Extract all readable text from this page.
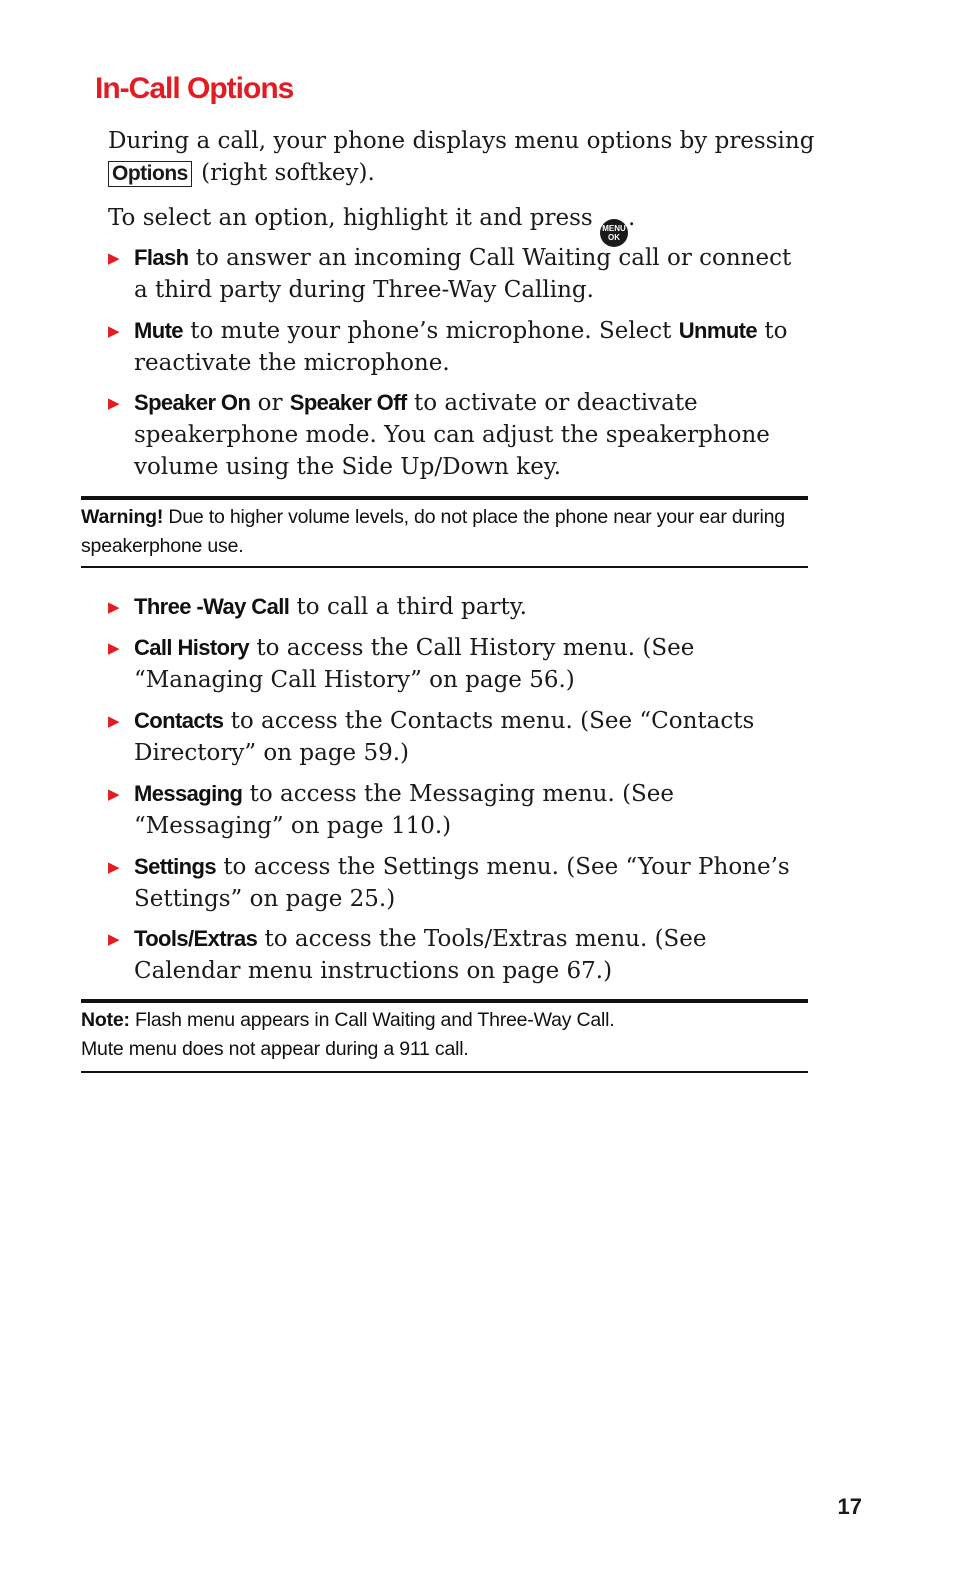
In-Call Options

During a call, your phone displays menu options by pressing
Options (right softkey).

To select an option, highlight it and press MENU
OK
.

▶ Flash to answer an incoming Call Waiting call or connect a third party during Three-Way Calling.
▶ Mute to mute your phone’s microphone. Select Unmute to reactivate the microphone.
▶ Speaker On or Speaker Off to activate or deactivate speakerphone mode. You can adjust the speakerphone volume using the Side Up/Down key.
Warning! Due to higher volume levels, do not place the phone near your ear during speakerphone use.
▶ Three -Way Call to call a third party.
▶ Call History to access the Call History menu. (See “Managing Call History” on page 56.)
▶ Contacts to access the Contacts menu. (See “Contacts Directory” on page 59.)
▶ Messaging to access the Messaging menu. (See “Messaging” on page 110.)
▶ Settings to access the Settings menu. (See “Your Phone’s Settings” on page 25.)
▶ Tools/Extras to access the Tools/Extras menu. (See Calendar menu instructions on page 67.)
Note: Flash menu appears in Call Waiting and Three-Way Call.
Mute menu does not appear during a 911 call.
17
